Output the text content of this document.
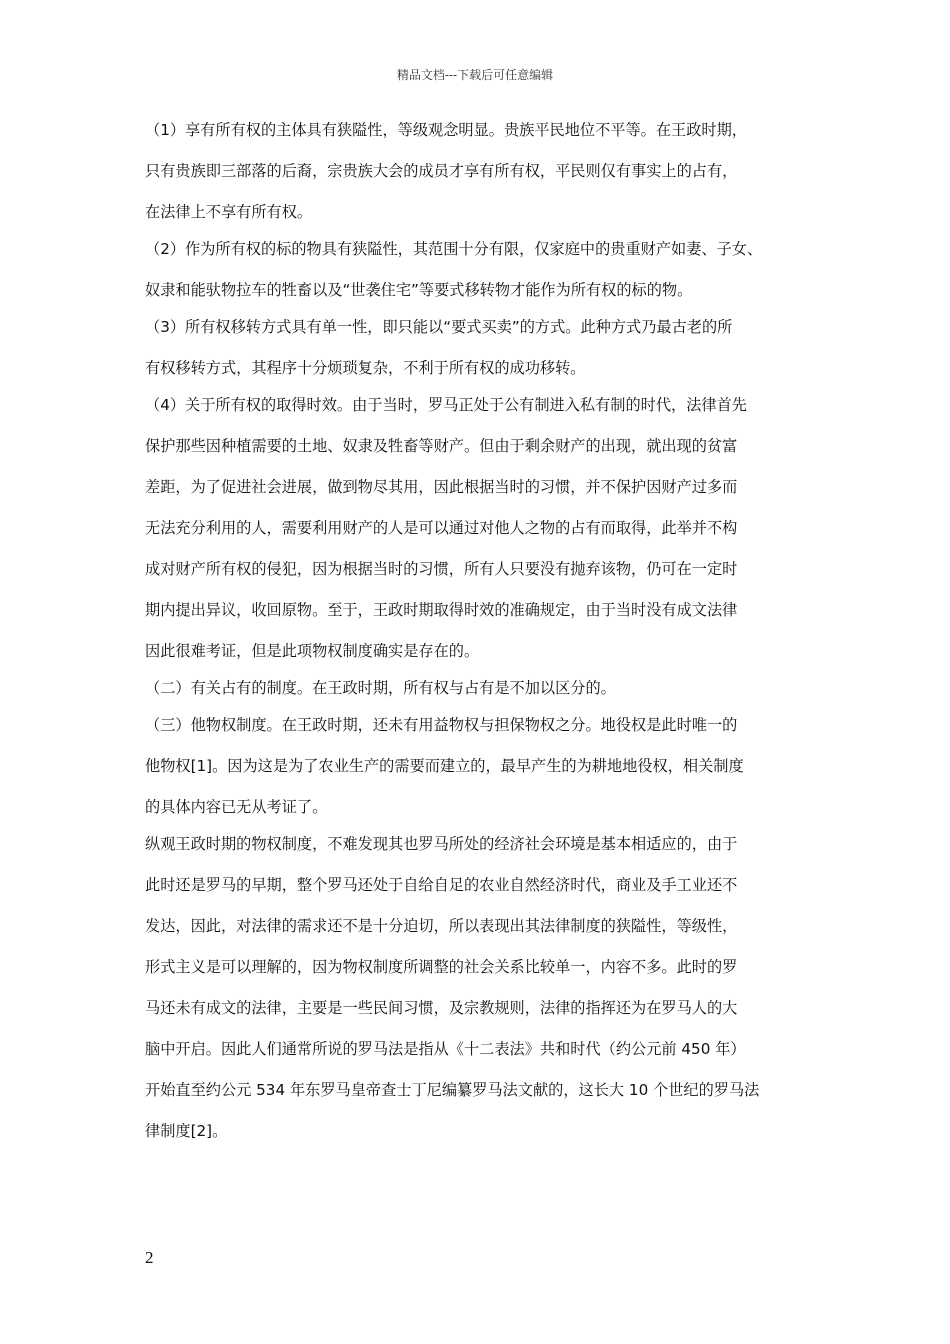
精品文档---下载后可任意编辑
（1）享有所有权的主体具有狭隘性，等级观念明显。贵族平民地位不平等。在王政时期，
只有贵族即三部落的后裔，宗贵族大会的成员才享有所有权，平民则仅有事实上的占有，
在法律上不享有所有权。
（2）作为所有权的标的物具有狭隘性，其范围十分有限，仅家庭中的贵重财产如妻、子女、
奴隶和能驮物拉车的牲畜以及“世袭住宅”等要式移转物才能作为所有权的标的物。
（3）所有权移转方式具有单一性，即只能以“要式买卖”的方式。此种方式乃最古老的所
有权移转方式，其程序十分烦琐复杂，不利于所有权的成功移转。
（4）关于所有权的取得时效。由于当时，罗马正处于公有制进入私有制的时代，法律首先
保护那些因种植需要的土地、奴隶及牲畜等财产。但由于剩余财产的出现，就出现的贫富
差距，为了促进社会进展，做到物尽其用，因此根据当时的习惯，并不保护因财产过多而
无法充分利用的人，需要利用财产的人是可以通过对他人之物的占有而取得，此举并不构
成对财产所有权的侵犯，因为根据当时的习惯，所有人只要没有抛弃该物，仍可在一定时
期内提出异议，收回原物。至于，王政时期取得时效的准确规定，由于当时没有成文法律
因此很难考证，但是此项物权制度确实是存在的。
（二）有关占有的制度。在王政时期，所有权与占有是不加以区分的。
（三）他物权制度。在王政时期，还未有用益物权与担保物权之分。地役权是此时唯一的
他物权[1]。因为这是为了农业生产的需要而建立的，最早产生的为耕地地役权，相关制度
的具体内容已无从考证了。
纵观王政时期的物权制度，不难发现其也罗马所处的经济社会环境是基本相适应的，由于
此时还是罗马的早期，整个罗马还处于自给自足的农业自然经济时代，商业及手工业还不
发达，因此，对法律的需求还不是十分迫切，所以表现出其法律制度的狭隘性，等级性，
形式主义是可以理解的，因为物权制度所调整的社会关系比较单一，内容不多。此时的罗
马还未有成文的法律，主要是一些民间习惯，及宗教规则，法律的指挥还为在罗马人的大
脑中开启。因此人们通常所说的罗马法是指从《十二表法》共和时代（约公元前 450 年）
开始直至约公元 534 年东罗马皇帝查士丁尼编纂罗马法文献的，这长大 10 个世纪的罗马法
律制度[2]。
2
